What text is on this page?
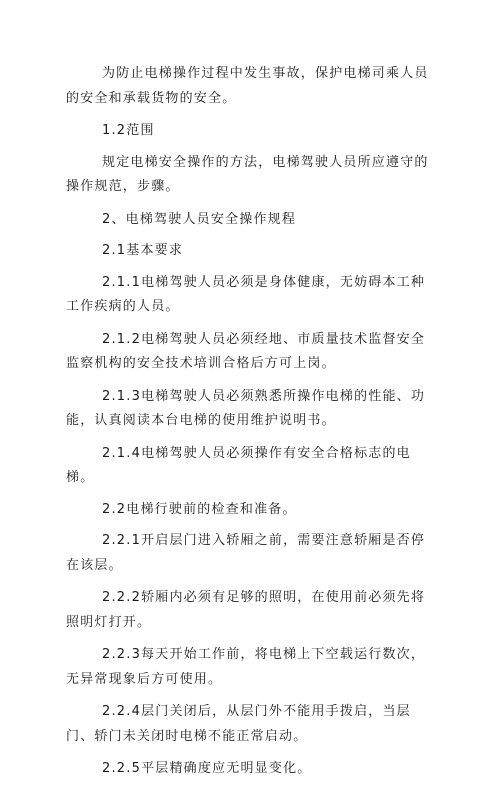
为防止电梯操作过程中发生事故，保护电梯司乘人员的安全和承载货物的安全。

1.2范围

规定电梯安全操作的方法，电梯驾驶人员所应遵守的操作规范，步骤。

2、电梯驾驶人员安全操作规程

2.1基本要求

2.1.1电梯驾驶人员必须是身体健康，无妨碍本工种工作疾病的人员。

2.1.2电梯驾驶人员必须经地、市质量技术监督安全监察机构的安全技术培训合格后方可上岗。

2.1.3电梯驾驶人员必须熟悉所操作电梯的性能、功能，认真阅读本台电梯的使用维护说明书。

2.1.4电梯驾驶人员必须操作有安全合格标志的电梯。

2.2电梯行驶前的检查和准备。

2.2.1开启层门进入轿厢之前，需要注意轿厢是否停在该层。

2.2.2轿厢内必须有足够的照明，在使用前必须先将照明灯打开。

2.2.3每天开始工作前，将电梯上下空载运行数次，无异常现象后方可使用。

2.2.4层门关闭后，从层门外不能用手拨启，当层门、轿门未关闭时电梯不能正常启动。

2.2.5平层精确度应无明显变化。
